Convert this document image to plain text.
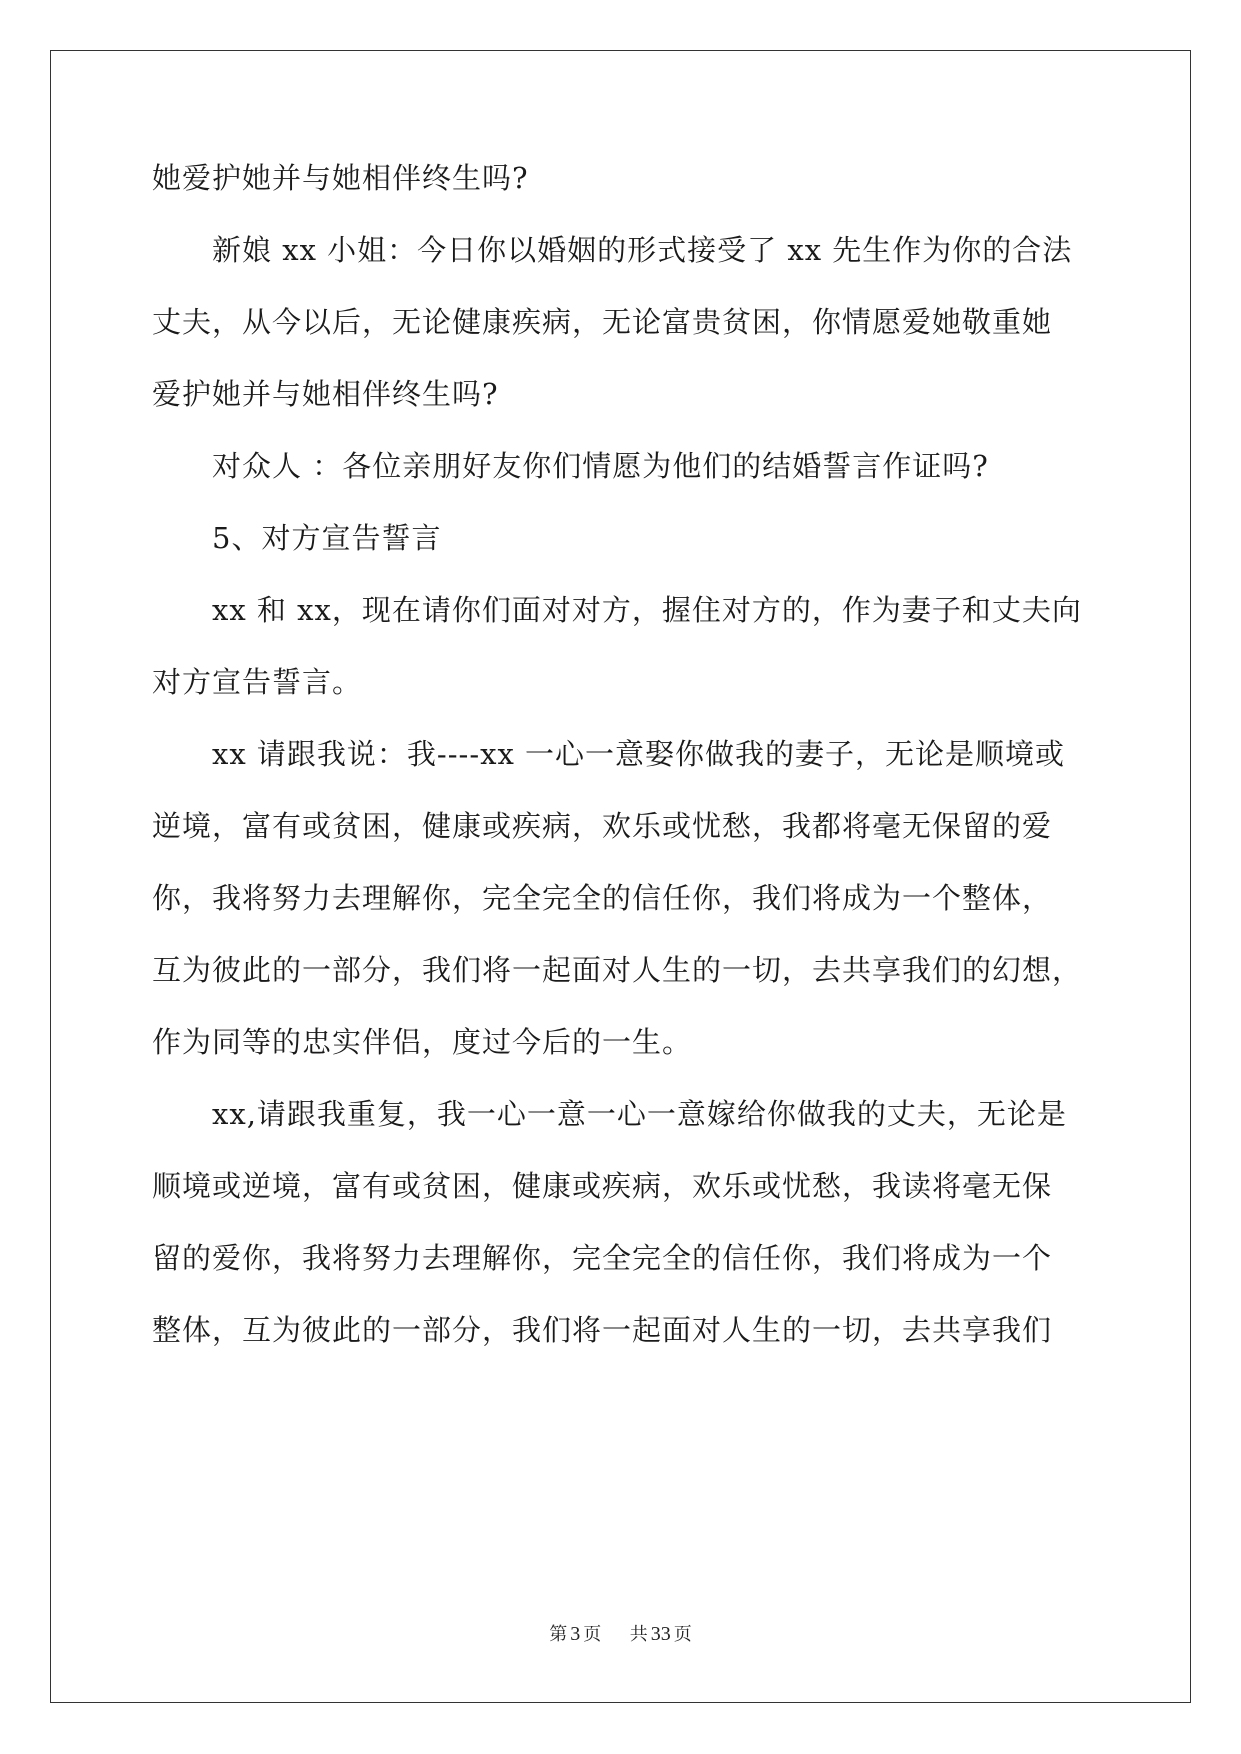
她爱护她并与她相伴终生吗?
新娘 xx 小姐：今日你以婚姻的形式接受了 xx 先生作为你的合法
丈夫，从今以后，无论健康疾病，无论富贵贫困，你情愿爱她敬重她
爱护她并与她相伴终生吗?
对众人 ：各位亲朋好友你们情愿为他们的结婚誓言作证吗?
5、对方宣告誓言
xx 和 xx，现在请你们面对对方，握住对方的，作为妻子和丈夫向
对方宣告誓言。
xx 请跟我说：我----xx 一心一意娶你做我的妻子，无论是顺境或
逆境，富有或贫困，健康或疾病，欢乐或忧愁，我都将毫无保留的爱
你，我将努力去理解你，完全完全的信任你，我们将成为一个整体，
互为彼此的一部分，我们将一起面对人生的一切，去共享我们的幻想，
作为同等的忠实伴侣，度过今后的一生。
xx,请跟我重复，我一心一意一心一意嫁给你做我的丈夫，无论是
顺境或逆境，富有或贫困，健康或疾病，欢乐或忧愁，我读将毫无保
留的爱你，我将努力去理解你，完全完全的信任你，我们将成为一个
整体，互为彼此的一部分，我们将一起面对人生的一切，去共享我们
第 3 页 共 33 页
